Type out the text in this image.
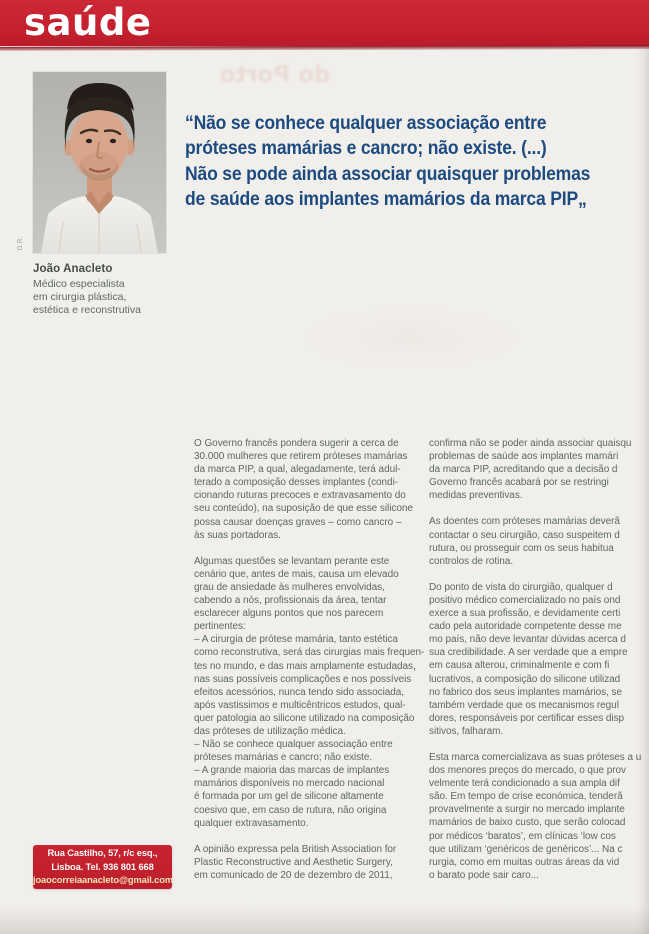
saúde
do Porto
D.R.
João Anacleto
Médico especialista
em cirurgia plástica,
estética e reconstrutiva
“Não se conhece qualquer associação entre
próteses mamárias e cancro; não existe. (...)
Não se pode ainda associar quaisquer problemas
de saúde aos implantes mamários da marca PIP„
O Governo francês pondera sugerir a cerca de
30.000 mulheres que retirem próteses mamárias
da marca PIP, a qual, alegadamente, terá adul-
terado a composição desses implantes (condi-
cionando ruturas precoces e extravasamento do
seu conteúdo), na suposição de que esse silicone
possa causar doenças graves – como cancro –
às suas portadoras.
Algumas questões se levantam perante este
cenário que, antes de mais, causa um elevado
grau de ansiedade às mulheres envolvidas,
cabendo a nós, profissionais da área, tentar
esclarecer alguns pontos que nos parecem
pertinentes:
– A cirurgia de prótese mamária, tanto estética
como reconstrutiva, será das cirurgias mais frequen-
tes no mundo, e das mais amplamente estudadas,
nas suas possíveis complicações e nos possíveis
efeitos acessórios, nunca tendo sido associada,
após vastissimos e multicêntricos estudos, qual-
quer patologia ao silicone utilizado na composição
das próteses de utilização médica.
– Não se conhece qualquer associação entre
próteses mamárias e cancro; não existe.
– A grande maioria das marcas de implantes
mamários disponíveis no mercado nacional
é formada por um gel de silicone altamente
coesivo que, em caso de rutura, não origina
qualquer extravasamento.
A opinião expressa pela British Association for
Plastic Reconstructive and Aesthetic Surgery,
em comunicado de 20 de dezembro de 2011,
confirma não se poder ainda associar quaisqu
problemas de saúde aos implantes mamári
da marca PIP, acreditando que a decisão d
Governo francês acabará por se restringi
medidas preventivas.
As doentes com próteses mamárias deverã
contactar o seu cirurgião, caso suspeitem d
rutura, ou prosseguir com os seus habitua
controlos de rotina.
Do ponto de vista do cirurgião, qualquer d
positivo médico comercializado no país ond
exerce a sua profissão, e devidamente certi
cado pela autoridade competente desse me
mo país, não deve levantar dúvidas acerca d
sua credibilidade. A ser verdade que a empre
em causa alterou, criminalmente e com fi
lucrativos, a composição do silicone utilizad
no fabrico dos seus implantes mamários, se
também verdade que os mecanismos regul
dores, responsáveis por certificar esses disp
sitivos, falharam.
Esta marca comercializava as suas próteses a u
dos menores preços do mercado, o que prov
velmente terá condicionado a sua ampla dif
são. Em tempo de crise económica, tenderã
provavelmente a surgir no mercado implante
mamários de baixo custo, que serão colocad
por médicos ‘baratos’, em clínicas ‘low cos
que utilizam ‘genéricos de genéricos’... Na c
rurgia, como em muitas outras áreas da vid
o barato pode sair caro...
Rua Castilho, 57, r/c esq.,
Lisboa. Tel. 936 801 668
joaocorreiaanacleto@gmail.com
